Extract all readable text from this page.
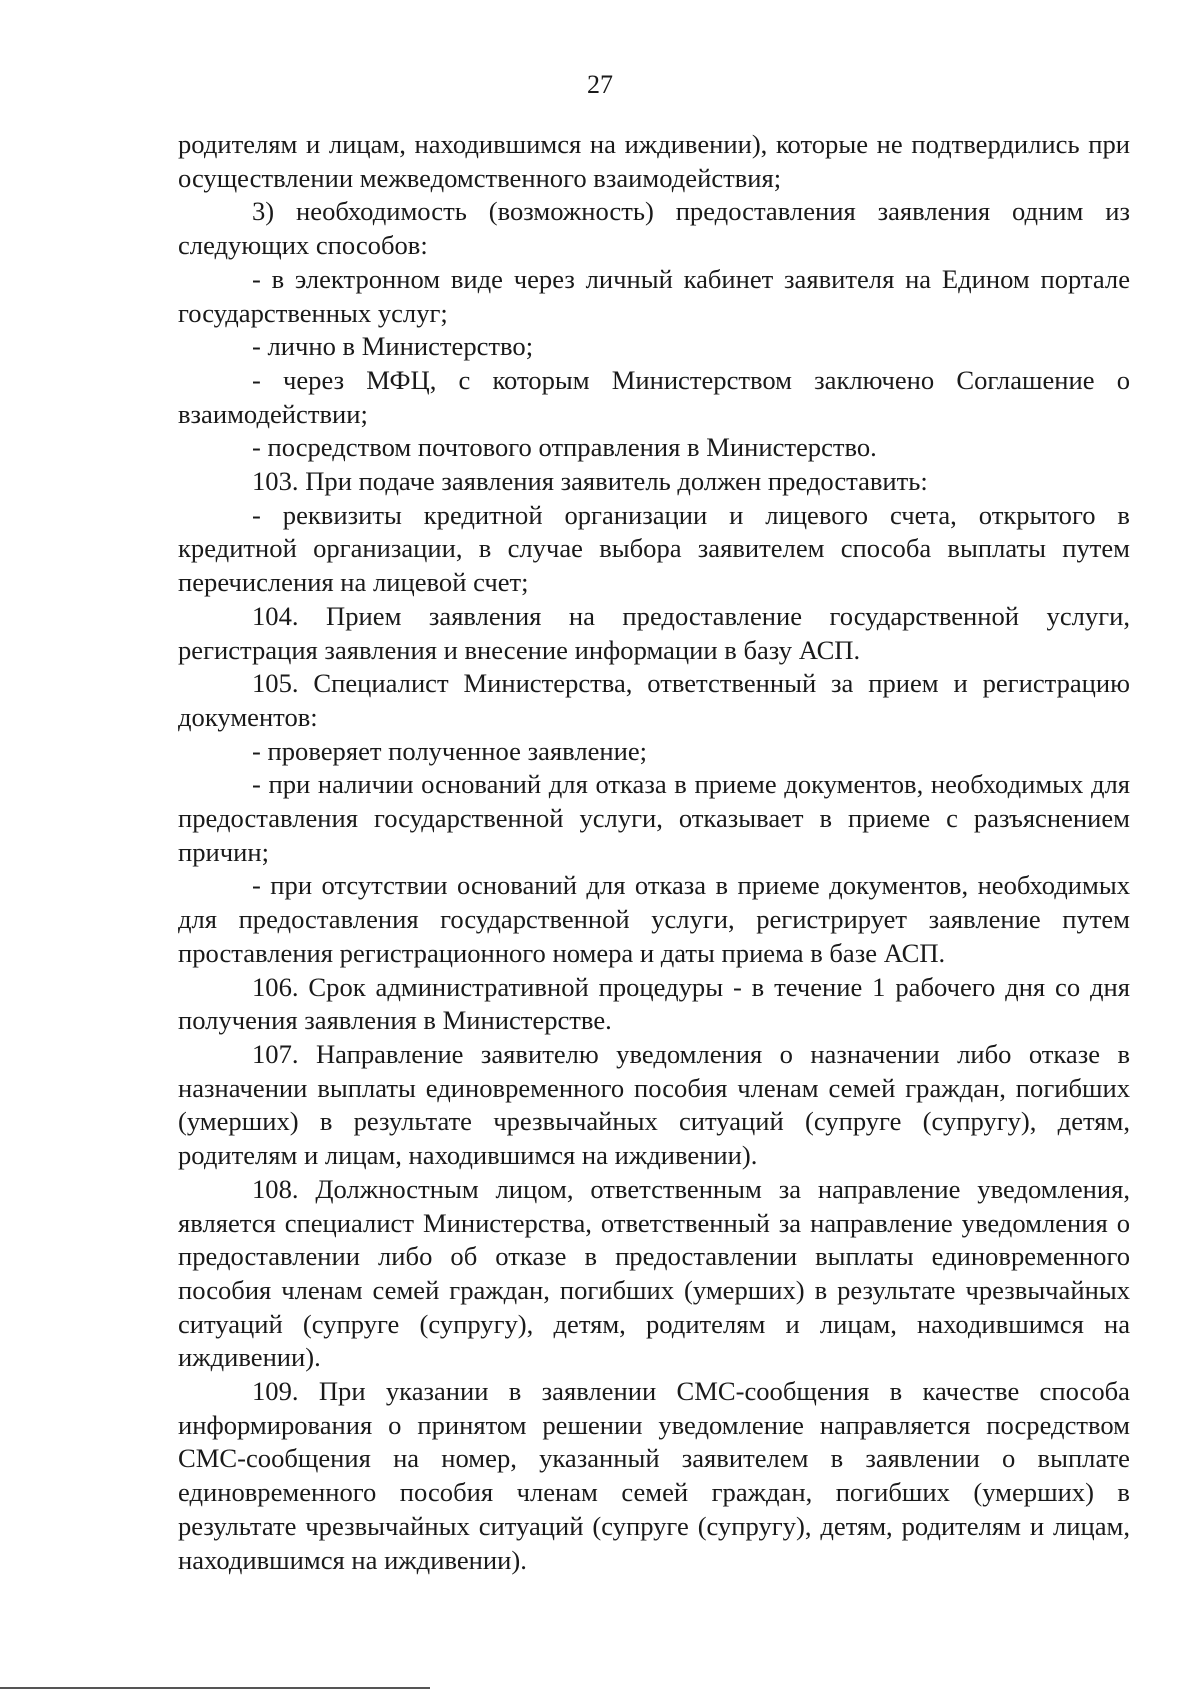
27

родителям и лицам, находившимся на иждивении), которые не подтвердились при осуществлении межведомственного взаимодействия;

3) необходимость (возможность) предоставления заявления одним из следующих способов:

- в электронном виде через личный кабинет заявителя на Едином портале государственных услуг;

- лично в Министерство;

- через МФЦ, с которым Министерством заключено Соглашение о взаимодействии;

- посредством почтового отправления в Министерство.

103. При подаче заявления заявитель должен предоставить:

- реквизиты кредитной организации и лицевого счета, открытого в кредитной организации, в случае выбора заявителем способа выплаты путем перечисления на лицевой счет;

104. Прием заявления на предоставление государственной услуги, регистрация заявления и внесение информации в базу АСП.

105. Специалист Министерства, ответственный за прием и регистрацию документов:

- проверяет полученное заявление;

- при наличии оснований для отказа в приеме документов, необходимых для предоставления государственной услуги, отказывает в приеме с разъяснением причин;

- при отсутствии оснований для отказа в приеме документов, необходимых для предоставления государственной услуги, регистрирует заявление путем проставления регистрационного номера и даты приема в базе АСП.

106. Срок административной процедуры - в течение 1 рабочего дня со дня получения заявления в Министерстве.

107. Направление заявителю уведомления о назначении либо отказе в назначении выплаты единовременного пособия членам семей граждан, погибших (умерших) в результате чрезвычайных ситуаций (супруге (супругу), детям, родителям и лицам, находившимся на иждивении).

108. Должностным лицом, ответственным за направление уведомления, является специалист Министерства, ответственный за направление уведомления о предоставлении либо об отказе в предоставлении выплаты единовременного пособия членам семей граждан, погибших (умерших) в результате чрезвычайных ситуаций (супруге (супругу), детям, родителям и лицам, находившимся на иждивении).

109. При указании в заявлении СМС-сообщения в качестве способа информирования о принятом решении уведомление направляется посредством СМС-сообщения на номер, указанный заявителем в заявлении о выплате единовременного пособия членам семей граждан, погибших (умерших) в результате чрезвычайных ситуаций (супруге (супругу), детям, родителям и лицам, находившимся на иждивении).
